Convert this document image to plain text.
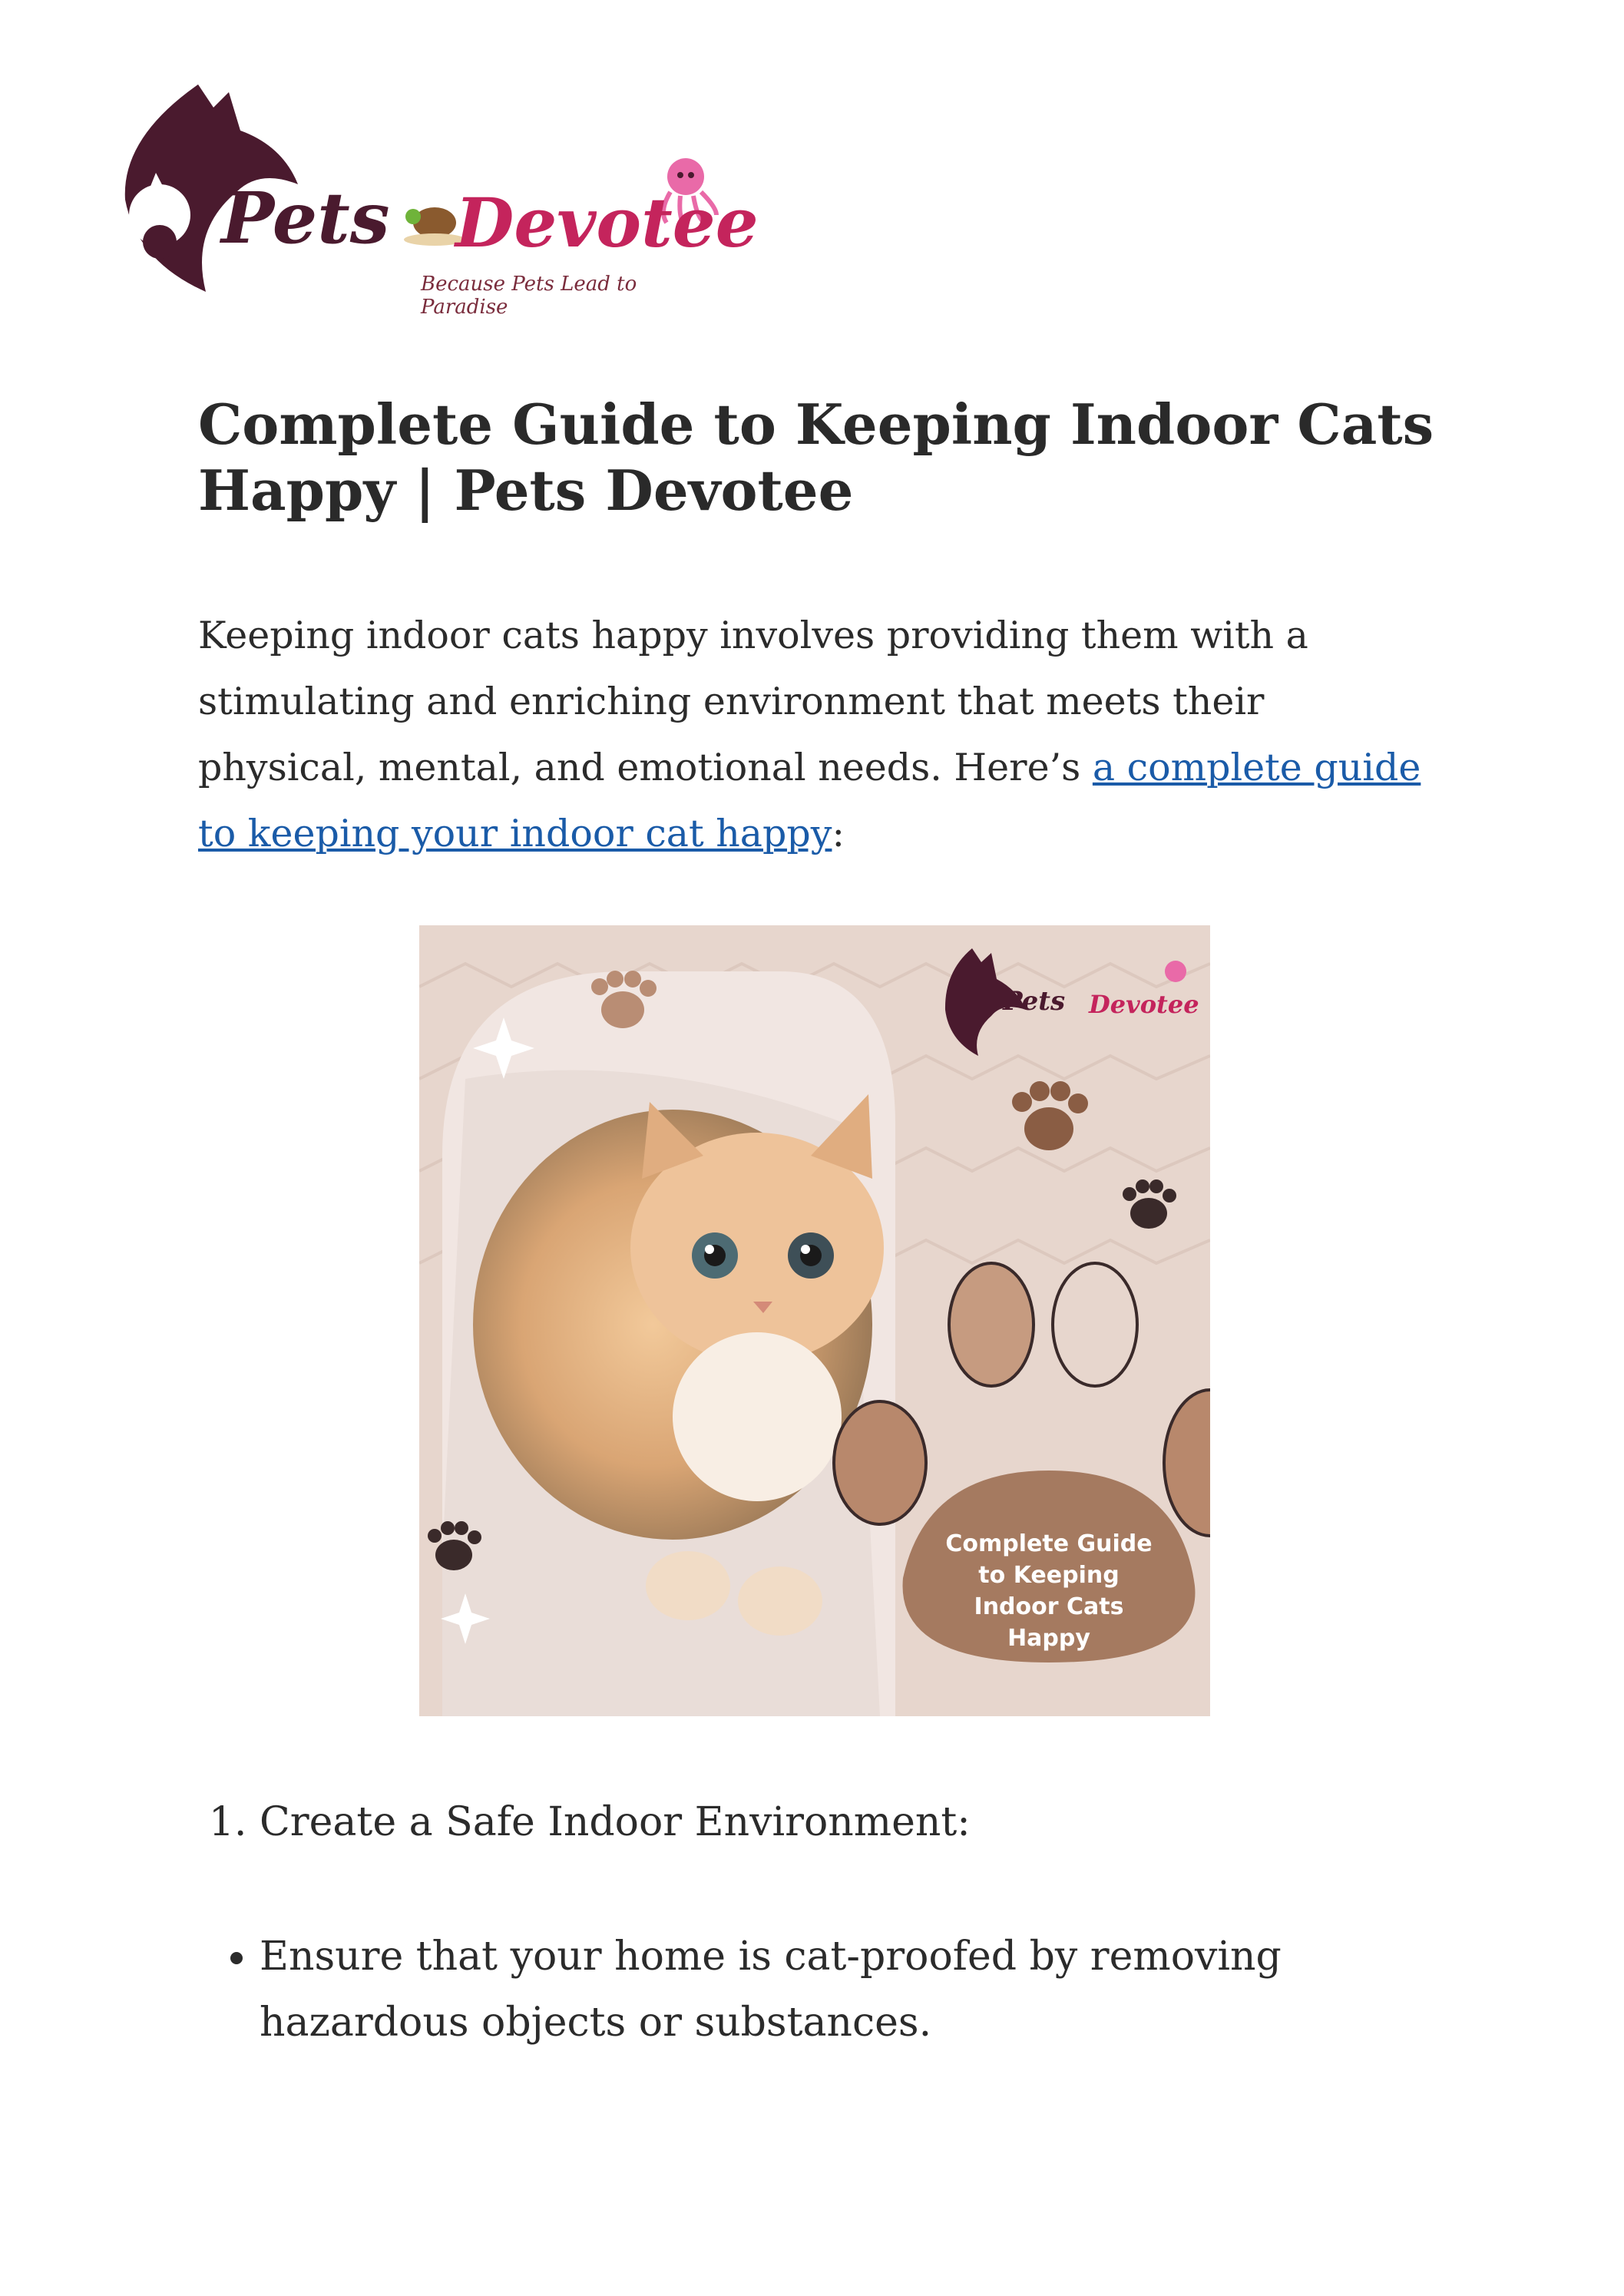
Pets Devotee
Because Pets Lead to Paradise
Complete Guide to Keeping Indoor Cats Happy | Pets Devotee

Keeping indoor cats happy involves providing them with a stimulating and enriching environment that meets their physical, mental, and emotional needs. Here’s a complete guide to keeping your indoor cat happy:

Complete Guide
to Keeping
Indoor Cats
Happy
Pets Devotee
1. Create a Safe Indoor Environment:
• Ensure that your home is cat-proofed by removing hazardous objects or substances.
